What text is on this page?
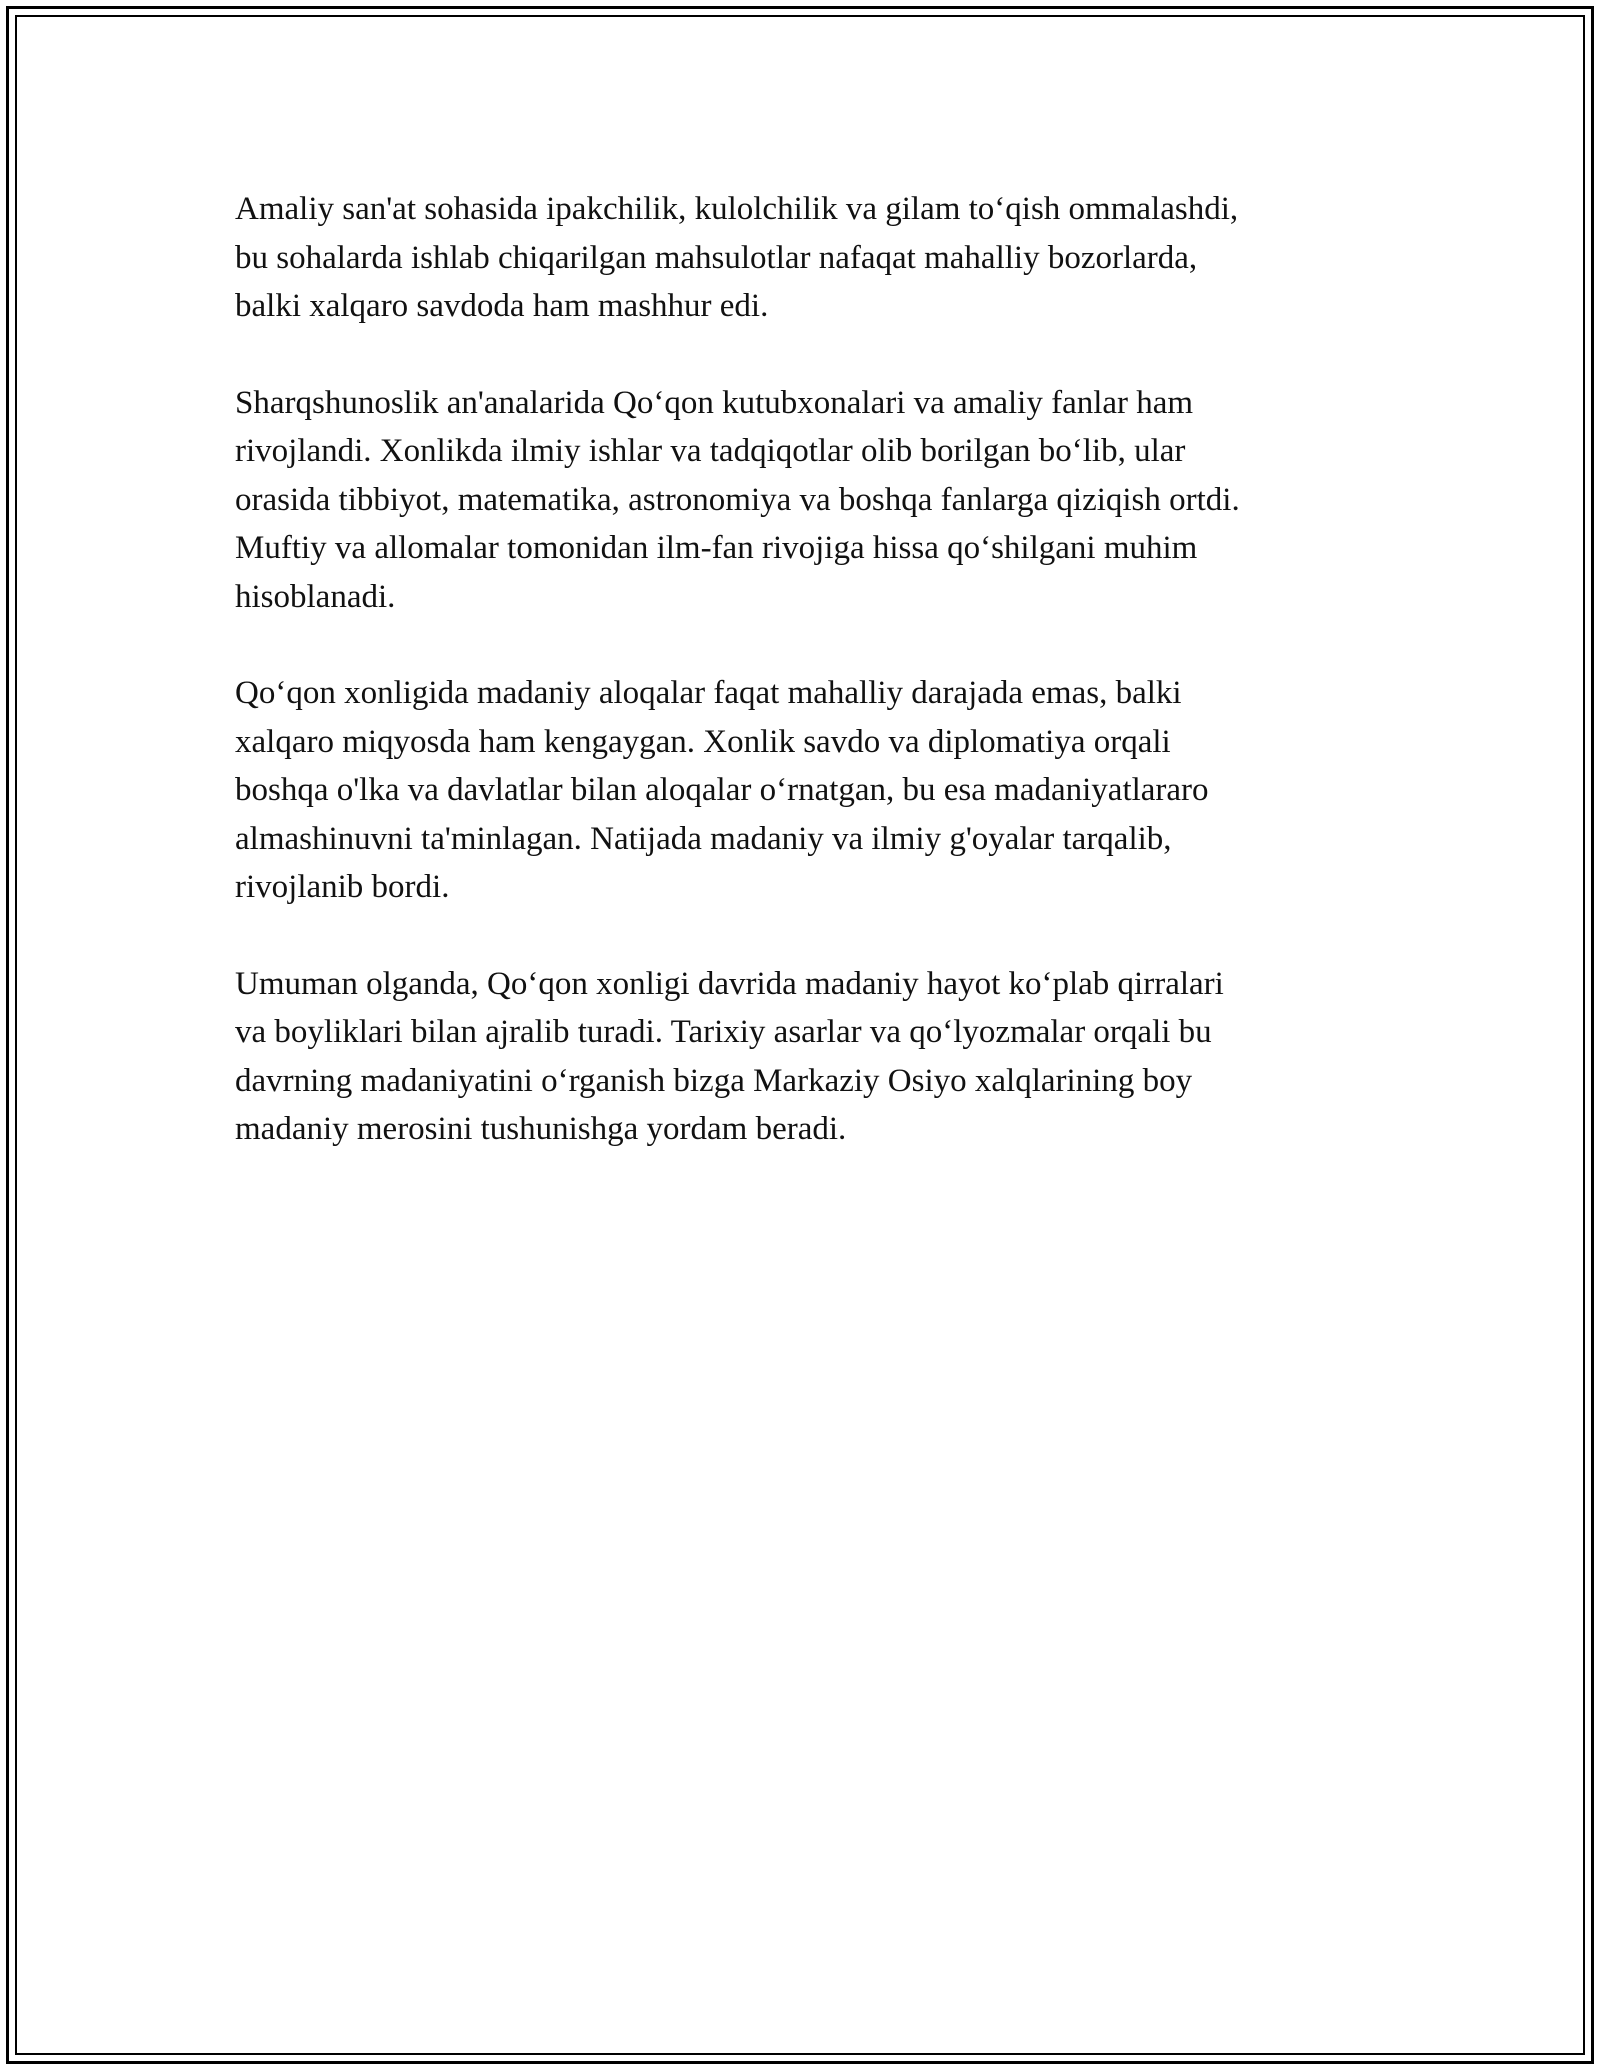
Amaliy san'at sohasida ipakchilik, kulolchilik va gilam to‘qish ommalashdi,
bu sohalarda ishlab chiqarilgan mahsulotlar nafaqat mahalliy bozorlarda,
balki xalqaro savdoda ham mashhur edi.

Sharqshunoslik an'analarida Qo‘qon kutubxonalari va amaliy fanlar ham
rivojlandi. Xonlikda ilmiy ishlar va tadqiqotlar olib borilgan bo‘lib, ular
orasida tibbiyot, matematika, astronomiya va boshqa fanlarga qiziqish ortdi.
Muftiy va allomalar tomonidan ilm-fan rivojiga hissa qo‘shilgani muhim
hisoblanadi.

Qo‘qon xonligida madaniy aloqalar faqat mahalliy darajada emas, balki
xalqaro miqyosda ham kengaygan. Xonlik savdo va diplomatiya orqali
boshqa o'lka va davlatlar bilan aloqalar o‘rnatgan, bu esa madaniyatlararo
almashinuvni ta'minlagan. Natijada madaniy va ilmiy g'oyalar tarqalib,
rivojlanib bordi.

Umuman olganda, Qo‘qon xonligi davrida madaniy hayot ko‘plab qirralari
va boyliklari bilan ajralib turadi. Tarixiy asarlar va qo‘lyozmalar orqali bu
davrning madaniyatini o‘rganish bizga Markaziy Osiyo xalqlarining boy
madaniy merosini tushunishga yordam beradi.
